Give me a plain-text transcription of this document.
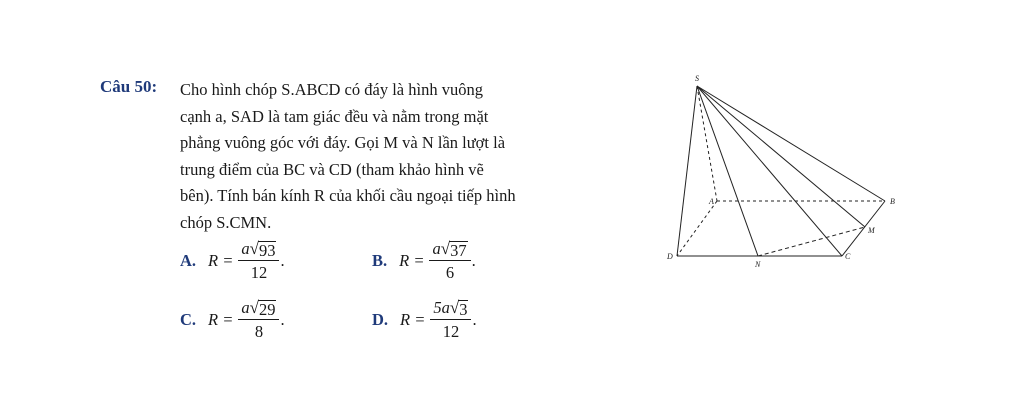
Câu 50: Cho hình chóp S.ABCD có đáy là hình vuông

cạnh a, SAD là tam giác đều và nằm trong mặt

phẳng vuông góc với đáy. Gọi M và N lần lượt là

trung điểm của BC và CD (tham khảo hình vẽ

bên). Tính bán kính R của khối cầu ngoại tiếp hình

chóp S.CMN.

A. $R = \frac{a √ 93}{12}$ .	B. $R = \frac{a √ 37}{6}$ .
C. $R = \frac{a √ 29}{8}$ .	D. $R = \frac{5a √ 3}{12}$ .
S
A	B
C
D
M
N
